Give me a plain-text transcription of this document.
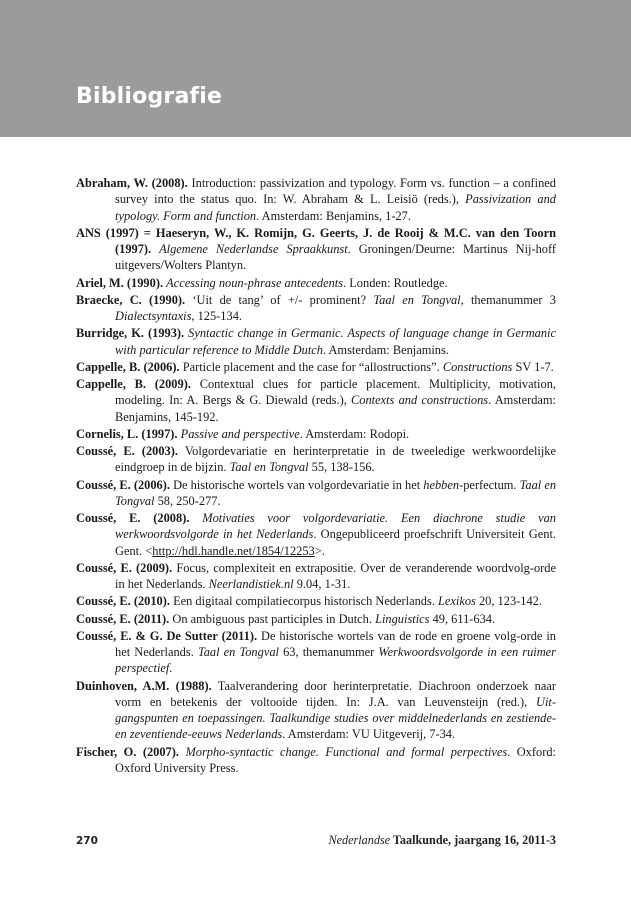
Bibliografie

Abraham, W. (2008). Introduction: passivization and typology. Form vs. function – a confined survey into the status quo. In: W. Abraham & L. Leisiö (reds.), Passivization and typology. Form and function. Amsterdam: Benjamins, 1-27.

ANS (1997) = Haeseryn, W., K. Romijn, G. Geerts, J. de Rooij & M.C. van den Toorn (1997). Algemene Nederlandse Spraakkunst. Groningen/Deurne: Martinus Nij-hoff uitgevers/Wolters Plantyn.

Ariel, M. (1990). Accessing noun-phrase antecedents. Londen: Routledge.

Braecke, C. (1990). ‘Uit de tang’ of +/- prominent? Taal en Tongval, themanummer 3 Dialectsyntaxis, 125-134.

Burridge, K. (1993). Syntactic change in Germanic. Aspects of language change in Germanic with particular reference to Middle Dutch. Amsterdam: Benjamins.

Cappelle, B. (2006). Particle placement and the case for “allostructions”. Constructions SV 1-7.

Cappelle, B. (2009). Contextual clues for particle placement. Multiplicity, motivation, modeling. In: A. Bergs & G. Diewald (reds.), Contexts and constructions. Amsterdam: Benjamins, 145-192.

Cornelis, L. (1997). Passive and perspective. Amsterdam: Rodopi.

Coussé, E. (2003). Volgordevariatie en herinterpretatie in de tweeledige werkwoordelijke eindgroep in de bijzin. Taal en Tongval 55, 138-156.

Coussé, E. (2006). De historische wortels van volgordevariatie in het hebben-perfectum. Taal en Tongval 58, 250-277.

Coussé, E. (2008). Motivaties voor volgordevariatie. Een diachrone studie van werkwoordsvolgorde in het Nederlands. Ongepubliceerd proefschrift Universiteit Gent. Gent. <http://hdl.handle.net/1854/12253>.

Coussé, E. (2009). Focus, complexiteit en extrapositie. Over de veranderende woordvolg-orde in het Nederlands. Neerlandistiek.nl 9.04, 1-31.

Coussé, E. (2010). Een digitaal compilatiecorpus historisch Nederlands. Lexikos 20, 123-142.

Coussé, E. (2011). On ambiguous past participles in Dutch. Linguistics 49, 611-634.

Coussé, E. & G. De Sutter (2011). De historische wortels van de rode en groene volg-orde in het Nederlands. Taal en Tongval 63, themanummer Werkwoordsvolgorde in een ruimer perspectief.

Duinhoven, A.M. (1988). Taalverandering door herinterpretatie. Diachroon onderzoek naar vorm en betekenis der voltooide tijden. In: J.A. van Leuvensteijn (red.), Uit-gangspunten en toepassingen. Taalkundige studies over middelnederlands en zestiende- en zeventiende-eeuws Nederlands. Amsterdam: VU Uitgeverij, 7-34.

Fischer, O. (2007). Morpho-syntactic change. Functional and formal perpectives. Oxford: Oxford University Press.

270	Nederlandse Taalkunde, jaargang 16, 2011-3
